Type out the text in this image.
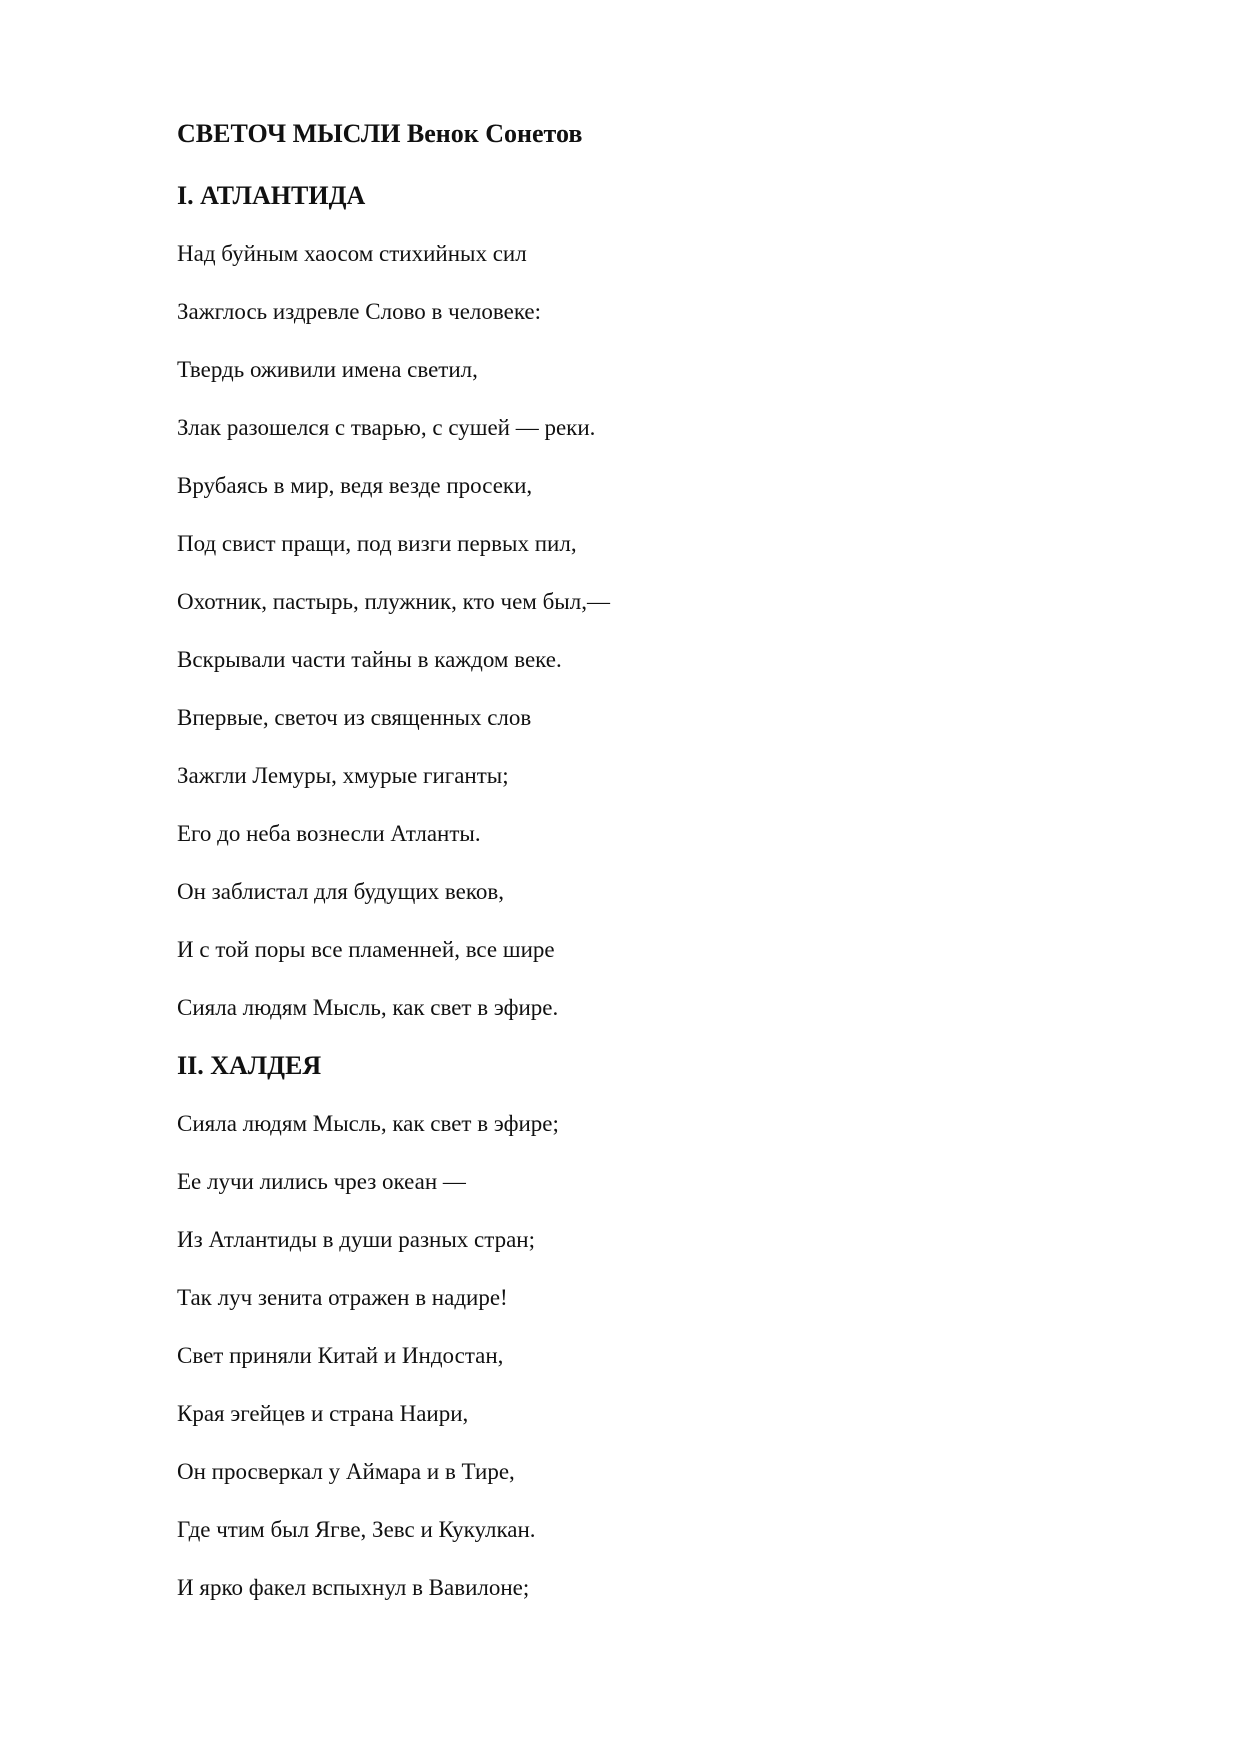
СВЕТОЧ МЫСЛИ Венок Сонетов
I. АТЛАНТИДА
Над буйным хаосом стихийных сил
Зажглось издревле Слово в человеке:
Твердь оживили имена светил,
Злак разошелся с тварью, с сушей — реки.
Врубаясь в мир, ведя везде просеки,
Под свист пращи, под визги первых пил,
Охотник, пастырь, плужник, кто чем был,—
Вскрывали части тайны в каждом веке.
Впервые, светоч из священных слов
Зажгли Лемуры, хмурые гиганты;
Его до неба вознесли Атланты.
Он заблистал для будущих веков,
И с той поры все пламенней, все шире
Сияла людям Мысль, как свет в эфире.
II. ХАЛДЕЯ
Сияла людям Мысль, как свет в эфире;
Ее лучи лились чрез океан —
Из Атлантиды в души разных стран;
Так луч зенита отражен в надире!
Свет приняли Китай и Индостан,
Края эгейцев и страна Наири,
Он просверкал у Аймара и в Тире,
Где чтим был Ягве, Зевс и Кукулкан.
И ярко факел вспыхнул в Вавилоне;
